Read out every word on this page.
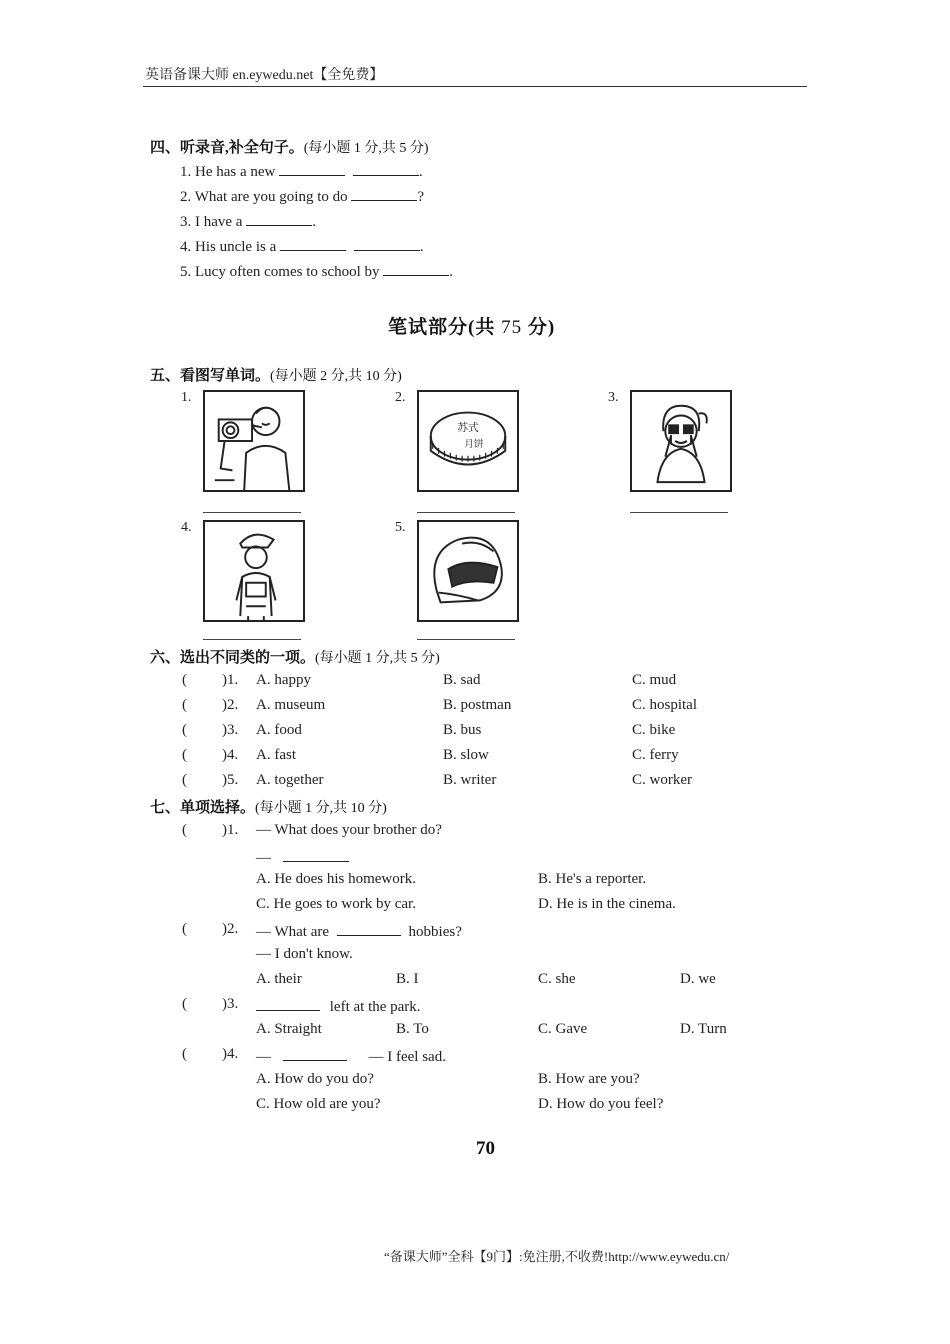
英语备课大师 en.eywedu.net【全免费】
四、听录音,补全句子。(每小题 1 分,共 5 分)
1. He has a new	.
2. What are you going to do	?
3. I have a	.
4. His uncle is a	.
5. Lucy often comes to school by	.
笔试部分(共 75 分)
五、看图写单词。(每小题 2 分,共 10 分)
1.	2.
苏式
月饼
3.
4.	5.
六、选出不同类的一项。(每小题 1 分,共 5 分)
( )1. A. happy	B. sad	C. mud
( )2. A. museum	B. postman	C. hospital
( )3. A. food	B. bus	C. bike
( )4. A. fast	B. slow	C. ferry
( )5. A. together	B. writer	C. worker
七、单项选择。(每小题 1 分,共 10 分)
( )1. — What does your brother do?
—
A. He does his homework.	B. He's a reporter.
C. He goes to work by car.	D. He is in the cinema.
( )2. — What are	hobbies?
— I don't know.
A. their	B. I	C. she	D. we
( )3.	left at the park.
A. Straight	B. To	C. Gave	D. Turn
( )4. —	— I feel sad.
A. How do you do?	B. How are you?
C. How old are you?	D. How do you feel?
70
“备课大师”全科【9门】:免注册,不收费!http://www.eywedu.cn/
